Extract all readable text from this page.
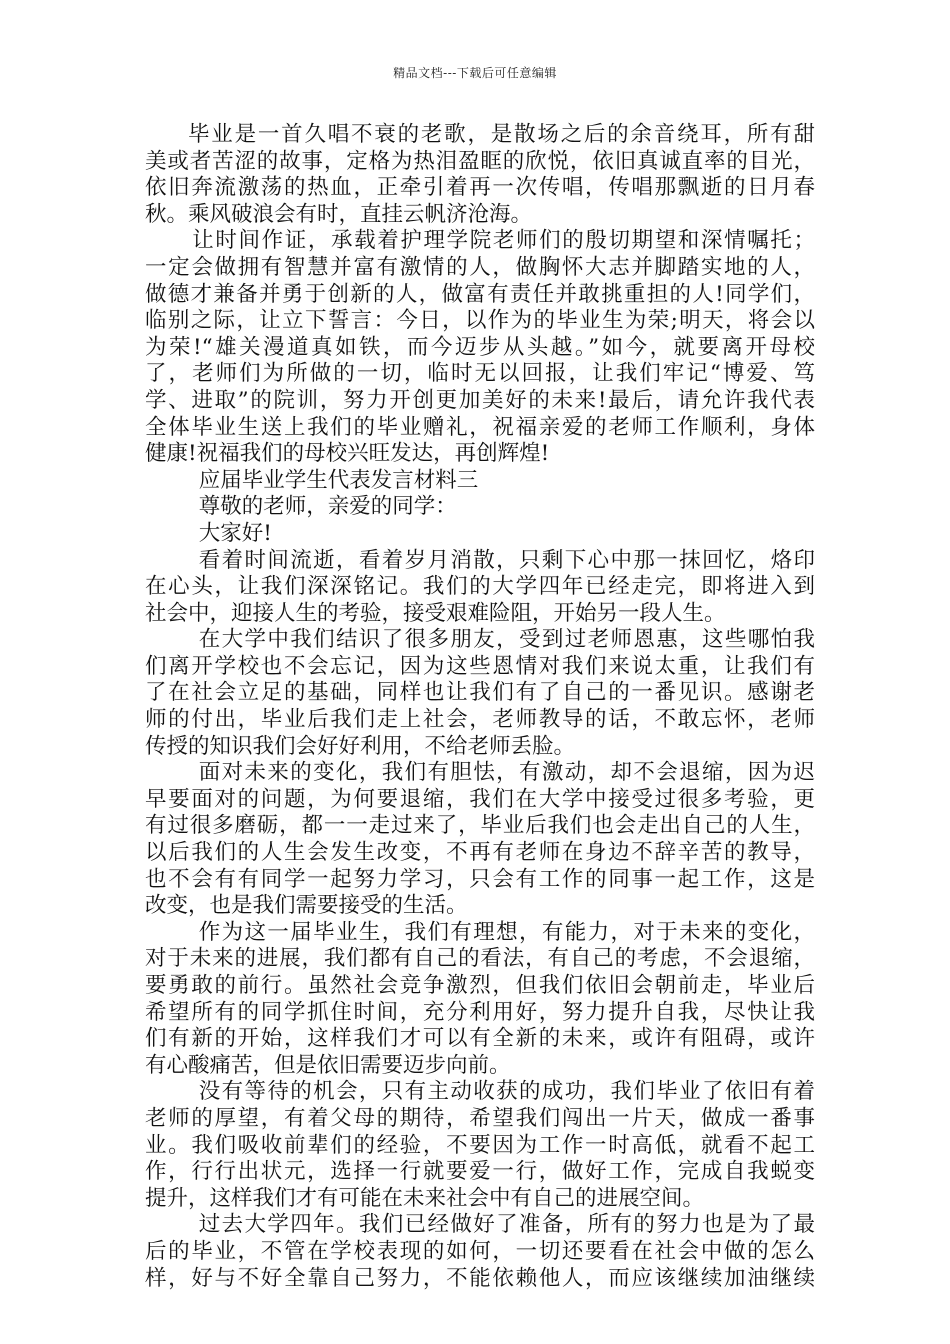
精品文档---下载后可任意编辑
毕业是一首久唱不衰的老歌，是散场之后的余音绕耳，所有甜
美或者苦涩的故事，定格为热泪盈眶的欣悦，依旧真诚直率的目光，
依旧奔流激荡的热血，正牵引着再一次传唱，传唱那飘逝的日月春
秋。乘风破浪会有时，直挂云帆济沧海。
让时间作证，承载着护理学院老师们的殷切期望和深情嘱托；
一定会做拥有智慧并富有激情的人，做胸怀大志并脚踏实地的人，
做德才兼备并勇于创新的人，做富有责任并敢挑重担的人!同学们，
临别之际，让立下誓言：今日，以作为的毕业生为荣;明天，将会以
为荣!“雄关漫道真如铁，而今迈步从头越。”如今，就要离开母校
了，老师们为所做的一切，临时无以回报，让我们牢记“博爱、笃
学、进取”的院训，努力开创更加美好的未来!最后，请允许我代表
全体毕业生送上我们的毕业赠礼，祝福亲爱的老师工作顺利，身体
健康!祝福我们的母校兴旺发达，再创辉煌!
应届毕业学生代表发言材料三
尊敬的老师，亲爱的同学：
大家好!
看着时间流逝，看着岁月消散，只剩下心中那一抹回忆，烙印
在心头，让我们深深铭记。我们的大学四年已经走完，即将进入到
社会中，迎接人生的考验，接受艰难险阻，开始另一段人生。
在大学中我们结识了很多朋友，受到过老师恩惠，这些哪怕我
们离开学校也不会忘记，因为这些恩情对我们来说太重，让我们有
了在社会立足的基础，同样也让我们有了自己的一番见识。感谢老
师的付出，毕业后我们走上社会，老师教导的话，不敢忘怀，老师
传授的知识我们会好好利用，不给老师丢脸。
面对未来的变化，我们有胆怯，有激动，却不会退缩，因为迟
早要面对的问题，为何要退缩，我们在大学中接受过很多考验，更
有过很多磨砺，都一一走过来了，毕业后我们也会走出自己的人生，
以后我们的人生会发生改变，不再有老师在身边不辞辛苦的教导，
也不会有有同学一起努力学习，只会有工作的同事一起工作，这是
改变，也是我们需要接受的生活。
作为这一届毕业生，我们有理想，有能力，对于未来的变化，
对于未来的进展，我们都有自己的看法，有自己的考虑，不会退缩，
要勇敢的前行。虽然社会竞争激烈，但我们依旧会朝前走，毕业后
希望所有的同学抓住时间，充分利用好，努力提升自我，尽快让我
们有新的开始，这样我们才可以有全新的未来，或许有阻碍，或许
有心酸痛苦，但是依旧需要迈步向前。
没有等待的机会，只有主动收获的成功，我们毕业了依旧有着
老师的厚望，有着父母的期待，希望我们闯出一片天，做成一番事
业。我们吸收前辈们的经验，不要因为工作一时高低，就看不起工
作，行行出状元，选择一行就要爱一行，做好工作，完成自我蜕变
提升，这样我们才有可能在未来社会中有自己的进展空间。
过去大学四年。我们已经做好了准备，所有的努力也是为了最
后的毕业，不管在学校表现的如何，一切还要看在社会中做的怎么
样，好与不好全靠自己努力，不能依赖他人，而应该继续加油继续
